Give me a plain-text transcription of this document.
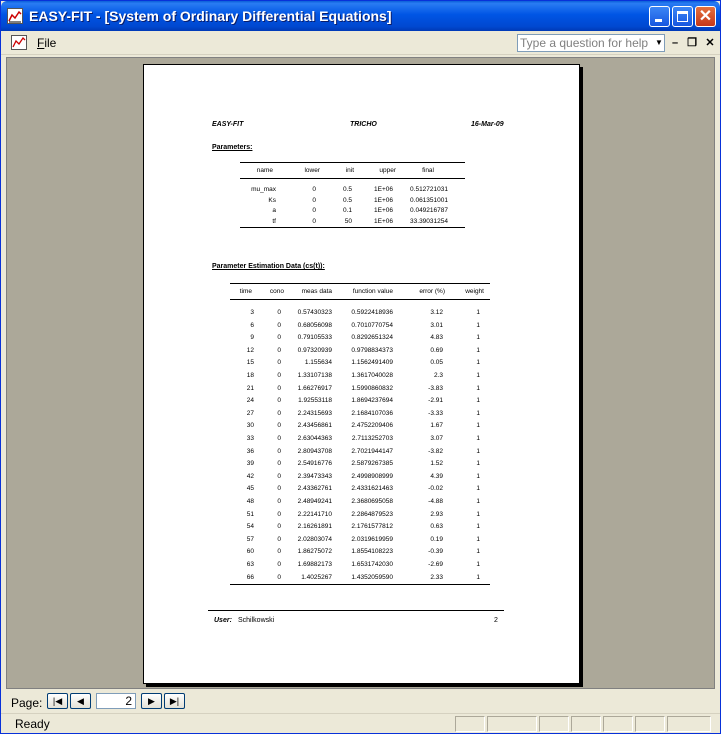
EASY-FIT - [System of Ordinary Differential Equations]	✕
File
Type a question for help	▼ – ❐ ✕
EASY-FIT	TRICHO	16-Mar-09
Parameters:
name	lower	init	upper	final
mu_max	0	0.5	1E+06	0.512721031
Ks	0	0.5	1E+06	0.061351001
a	0	0.1	1E+06	0.049216787
tf	0	50	1E+06	33.39031254
Parameter Estimation Data (cs(t)):
time	cono	meas data	function value	error (%)	weight
3	0	0.57430323	0.5922418936	3.12	1
6	0	0.68056098	0.7010770754	3.01	1
9	0	0.79105533	0.8292651324	4.83	1
12	0	0.97320939	0.9798834373	0.69	1
15	0	1.155634	1.1562491409	0.05	1
18	0	1.33107138	1.3617040028	2.3	1
21	0	1.66276917	1.5990860832	-3.83	1
24	0	1.92553118	1.8694237694	-2.91	1
27	0	2.24315693	2.1684107036	-3.33	1
30	0	2.43456861	2.4752209406	1.67	1
33	0	2.63044363	2.7113252703	3.07	1
36	0	2.80943708	2.7021944147	-3.82	1
39	0	2.54916776	2.5879267385	1.52	1
42	0	2.39473343	2.4998908999	4.39	1
45	0	2.43362761	2.4331621463	-0.02	1
48	0	2.48949241	2.3680695058	-4.88	1
51	0	2.22141710	2.2864879523	2.93	1
54	0	2.16261891	2.1761577812	0.63	1
57	0	2.02803074	2.0319619959	0.19	1
60	0	1.86275072	1.8554108223	-0.39	1
63	0	1.69882173	1.6531742030	-2.69	1
66	0	1.4025267	1.4352059590	2.33	1
User: Schilkowski	2
Page:	|◀	◀
2	▶	▶|
Ready
